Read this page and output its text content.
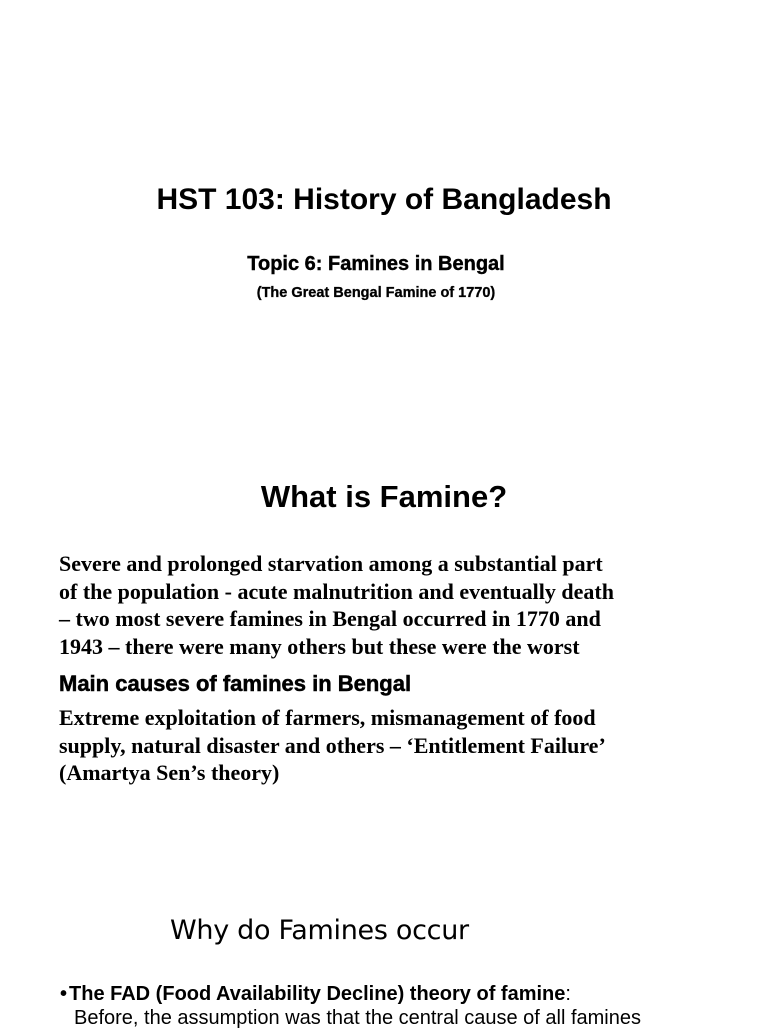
HST 103: History of Bangladesh
Topic 6: Famines in Bengal

(The Great Bengal Famine of 1770)

What is Famine?

Severe and prolonged starvation among a substantial part
of the population - acute malnutrition and eventually death
– two most severe famines in Bengal occurred in 1770 and
1943 – there were many others but these were the worst

Main causes of famines in Bengal

Extreme exploitation of farmers, mismanagement of food
supply, natural disaster and others – ‘Entitlement Failure’
(Amartya Sen’s theory)

Why do Famines occur
• The FAD (Food Availability Decline) theory of famine:
Before, the assumption was that the central cause of all famines
